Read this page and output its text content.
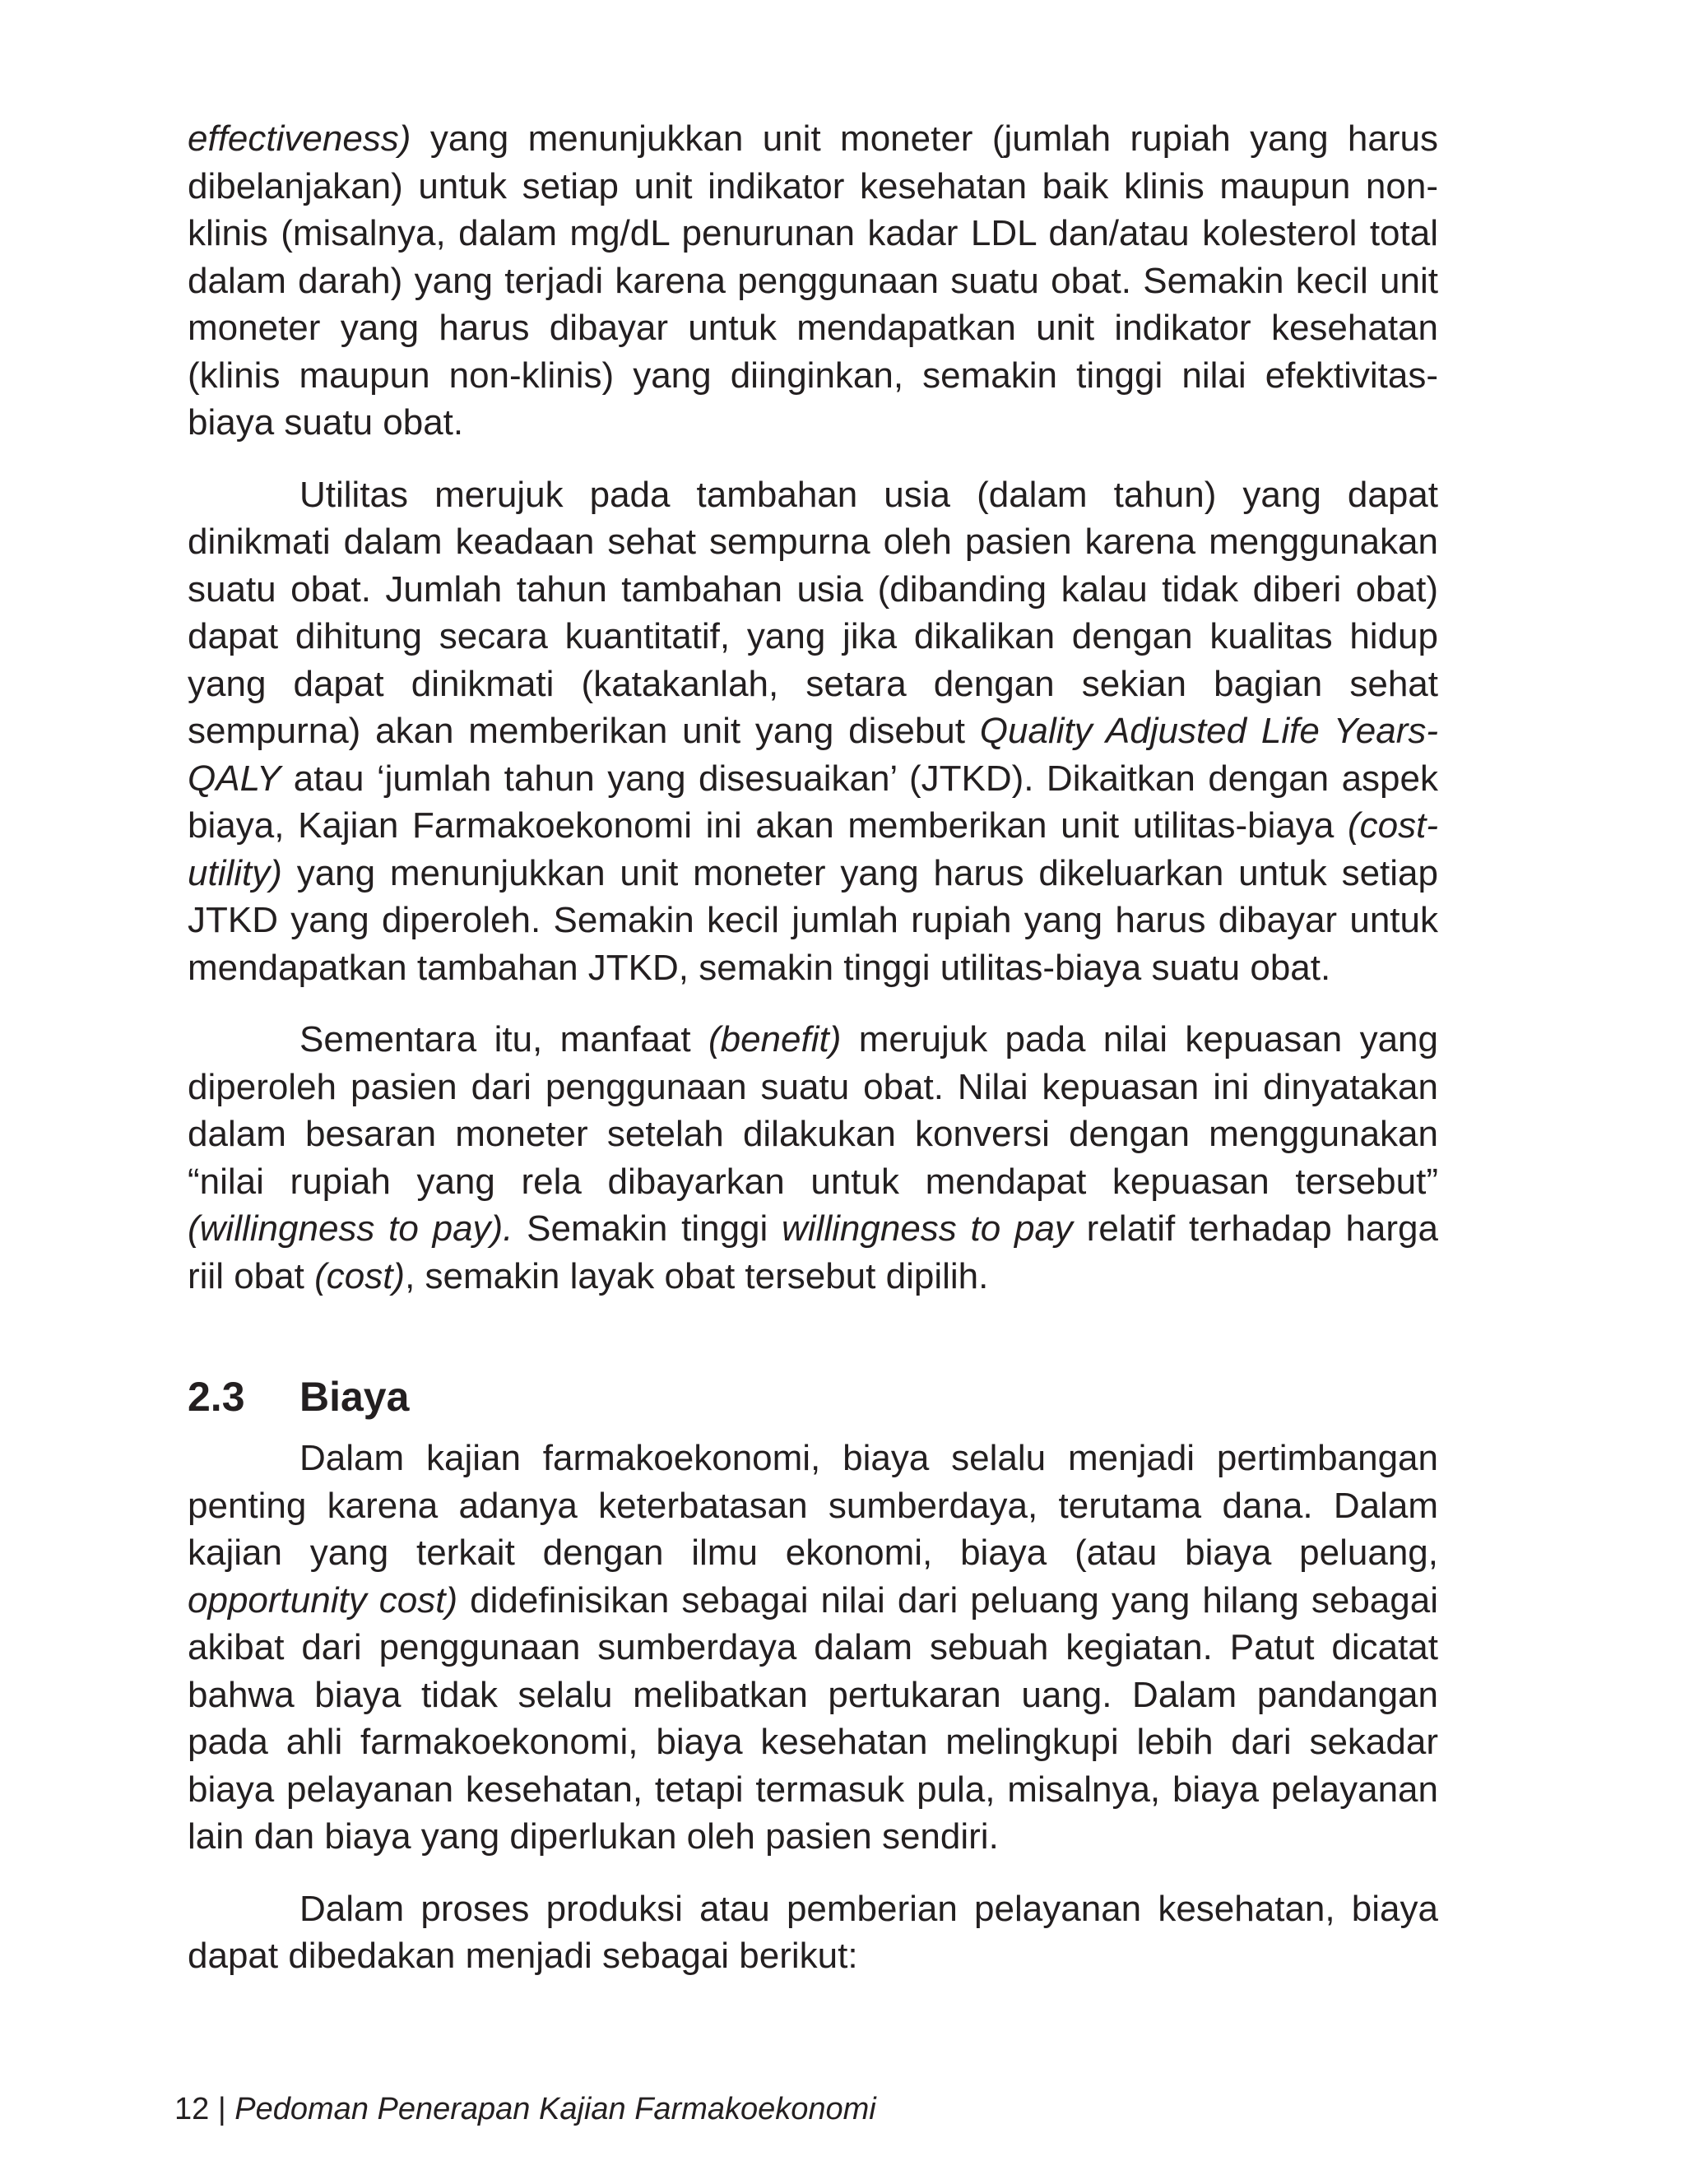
effectiveness) yang menunjukkan unit moneter (jumlah rupiah yang harus dibelanjakan) untuk setiap unit indikator kesehatan baik klinis maupun non-klinis (misalnya, dalam mg/dL penurunan kadar LDL dan/atau kolesterol total dalam darah) yang terjadi karena penggunaan suatu obat. Semakin kecil unit moneter yang harus dibayar untuk mendapatkan unit indikator kesehatan (klinis maupun non-klinis) yang diinginkan, semakin tinggi nilai efektivitas-biaya suatu obat.

Utilitas merujuk pada tambahan usia (dalam tahun) yang dapat dinikmati dalam keadaan sehat sempurna oleh pasien karena menggunakan suatu obat. Jumlah tahun tambahan usia (dibanding kalau tidak diberi obat) dapat dihitung secara kuantitatif, yang jika dikalikan dengan kualitas hidup yang dapat dinikmati (katakanlah, setara dengan sekian bagian sehat sempurna) akan memberikan unit yang disebut Quality Adjusted Life Years-QALY atau ‘jumlah tahun yang disesuaikan’ (JTKD). Dikaitkan dengan aspek biaya, Kajian Farmakoekonomi ini akan memberikan unit utilitas-biaya (cost-utility) yang menunjukkan unit moneter yang harus dikeluarkan untuk setiap JTKD yang diperoleh. Semakin kecil jumlah rupiah yang harus dibayar untuk mendapatkan tambahan JTKD, semakin tinggi utilitas-biaya suatu obat.

Sementara itu, manfaat (benefit) merujuk pada nilai kepuasan yang diperoleh pasien dari penggunaan suatu obat. Nilai kepuasan ini dinyatakan dalam besaran moneter setelah dilakukan konversi dengan menggunakan “nilai rupiah yang rela dibayarkan untuk mendapat kepuasan tersebut” (willingness to pay). Semakin tinggi willingness to pay relatif terhadap harga riil obat (cost), semakin layak obat tersebut dipilih.

2.3	Biaya

Dalam kajian farmakoekonomi, biaya selalu menjadi pertimbangan penting karena adanya keterbatasan sumberdaya, terutama dana. Dalam kajian yang terkait dengan ilmu ekonomi, biaya (atau biaya peluang, opportunity cost) didefinisikan sebagai nilai dari peluang yang hilang sebagai akibat dari penggunaan sumberdaya dalam sebuah kegiatan. Patut dicatat bahwa biaya tidak selalu melibatkan pertukaran uang. Dalam pandangan pada ahli farmakoekonomi, biaya kesehatan melingkupi lebih dari sekadar biaya pelayanan kesehatan, tetapi termasuk pula, misalnya, biaya pelayanan lain dan biaya yang diperlukan oleh pasien sendiri.

Dalam proses produksi atau pemberian pelayanan kesehatan, biaya dapat dibedakan menjadi sebagai berikut:

12 | Pedoman Penerapan Kajian Farmakoekonomi
